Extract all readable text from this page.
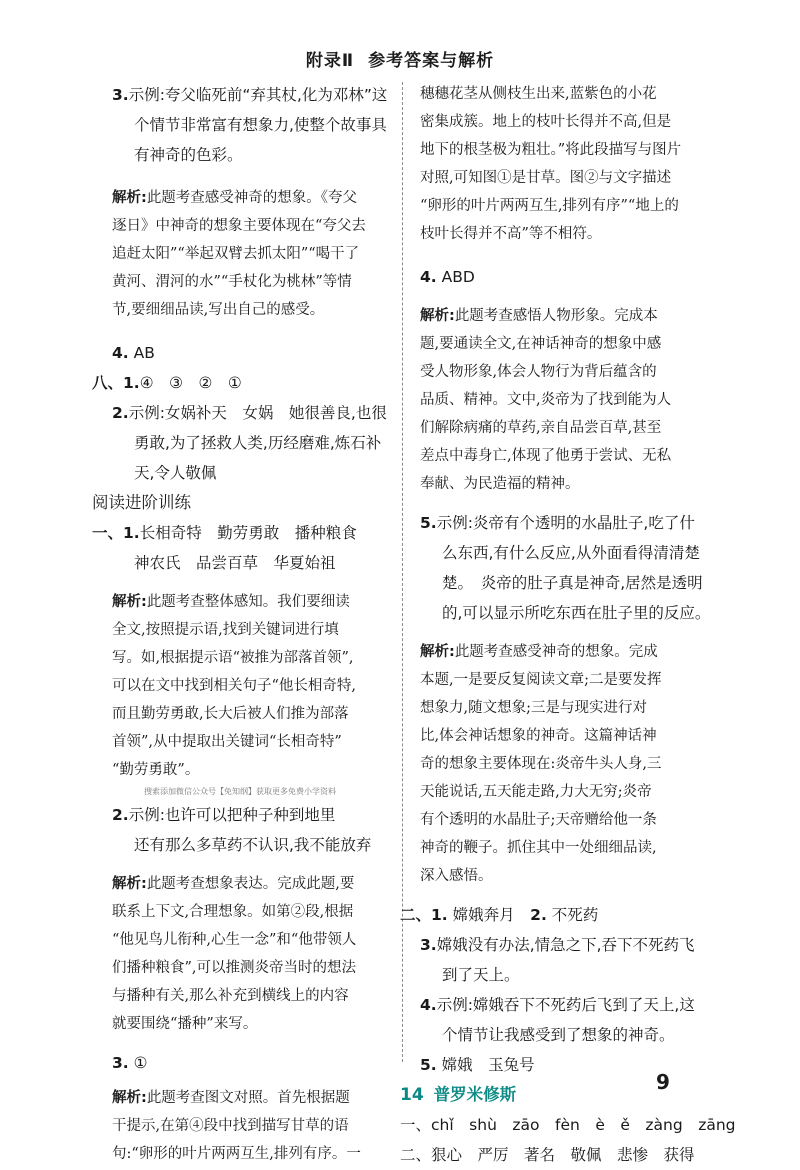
附录Ⅱ 参考答案与解析
3.示例:夸父临死前“弃其杖,化为邓林”这
个情节非常富有想象力,使整个故事具
有神奇的色彩。
解析:此题考查感受神奇的想象。《夸父
逐日》中神奇的想象主要体现在“夸父去
追赶太阳”“举起双臂去抓太阳”“喝干了
黄河、渭河的水”“手杖化为桃林”等情
节,要细细品读,写出自己的感受。
4. AB
八、1.④　③　②　①
2.示例:女娲补天　女娲　她很善良,也很
勇敢,为了拯救人类,历经磨难,炼石补
天,令人敬佩
阅读进阶训练
一、1.长相奇特　勤劳勇敢　播种粮食
神农氏　品尝百草　华夏始祖
解析:此题考查整体感知。我们要细读
全文,按照提示语,找到关键词进行填
写。如,根据提示语“被推为部落首领”,
可以在文中找到相关句子“他长相奇特,
而且勤劳勇敢,长大后被人们推为部落
首领”,从中提取出关键词“长相奇特”
“勤劳勇敢”。
搜索添加微信公众号【免知纲】获取更多免费小学资料
2.示例:也许可以把种子种到地里
还有那么多草药不认识,我不能放弃
解析:此题考查想象表达。完成此题,要
联系上下文,合理想象。如第②段,根据
“他见鸟儿衔种,心生一念”和“他带领人
们播种粮食”,可以推测炎帝当时的想法
与播种有关,那么补充到横线上的内容
就要围绕“播种”来写。
3. ①
解析:此题考查图文对照。首先根据题
干提示,在第④段中找到描写甘草的语
句:“卵形的叶片两两互生,排列有序。一
穗穗花茎从侧枝生出来,蓝紫色的小花
密集成簇。地上的枝叶长得并不高,但是
地下的根茎极为粗壮。”将此段描写与图片
对照,可知图①是甘草。图②与文字描述
“卵形的叶片两两互生,排列有序”“地上的
枝叶长得并不高”等不相符。
4. ABD
解析:此题考查感悟人物形象。完成本
题,要通读全文,在神话神奇的想象中感
受人物形象,体会人物行为背后蕴含的
品质、精神。文中,炎帝为了找到能为人
们解除病痛的草药,亲自品尝百草,甚至
差点中毒身亡,体现了他勇于尝试、无私
奉献、为民造福的精神。
5.示例:炎帝有个透明的水晶肚子,吃了什
么东西,有什么反应,从外面看得清清楚
楚。　炎帝的肚子真是神奇,居然是透明
的,可以显示所吃东西在肚子里的反应。
解析:此题考查感受神奇的想象。完成
本题,一是要反复阅读文章;二是要发挥
想象力,随文想象;三是与现实进行对
比,体会神话想象的神奇。这篇神话神
奇的想象主要体现在:炎帝牛头人身,三
天能说话,五天能走路,力大无穷;炎帝
有个透明的水晶肚子;天帝赠给他一条
神奇的鞭子。抓住其中一处细细品读,
深入感悟。
二、1. 嫦娥奔月　 2. 不死药
3.嫦娥没有办法,情急之下,吞下不死药飞
到了天上。
4.示例:嫦娥吞下不死药后飞到了天上,这
个情节让我感受到了想象的神奇。
5. 嫦娥　玉兔号
14 普罗米修斯
一、chǐ　shù　zāo　fèn　è　ě　zàng　zāng
二、狠心　严厉　著名　敬佩　悲惨　获得
9
